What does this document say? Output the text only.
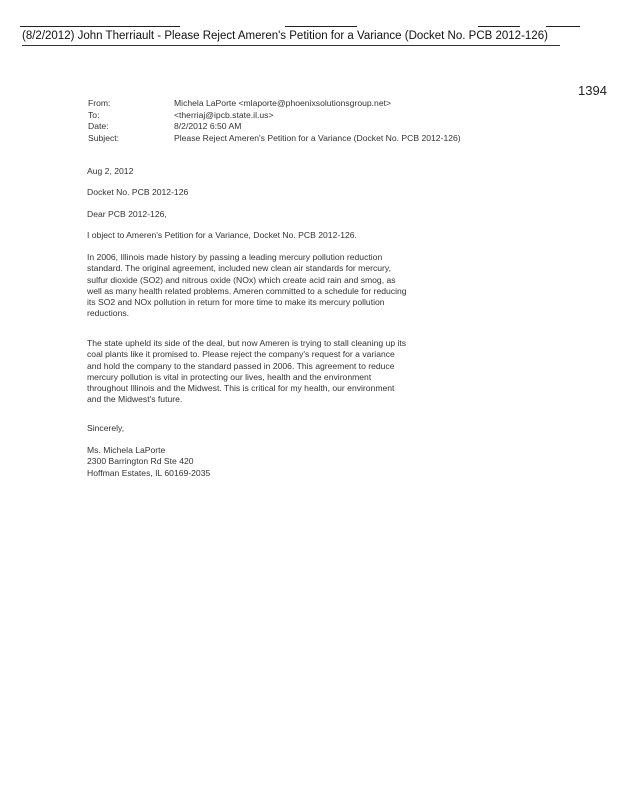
(8/2/2012) John Therriault - Please Reject Ameren's Petition for a Variance (Docket No. PCB 2012-126)
1394
From:	Michela LaPorte <mlaporte@phoenixsolutionsgroup.net>
To:	<therriaj@ipcb.state.il.us>
Date:	8/2/2012 6:50 AM
Subject:	Please Reject Ameren's Petition for a Variance (Docket No. PCB 2012-126)
Aug 2, 2012
Docket No. PCB 2012-126
Dear PCB 2012-126,
I object to Ameren's Petition for a Variance, Docket No. PCB 2012-126.
In 2006, Illinois made history by passing a leading mercury pollution reduction standard. The original agreement, included new clean air standards for mercury, sulfur dioxide (SO2) and nitrous oxide (NOx) which create acid rain and smog, as well as many health related problems. Ameren committed to a schedule for reducing its SO2 and NOx pollution in return for more time to make its mercury pollution reductions.
The state upheld its side of the deal, but now Ameren is trying to stall cleaning up its coal plants like it promised to. Please reject the company's request for a variance and hold the company to the standard passed in 2006. This agreement to reduce mercury pollution is vital in protecting our lives, health and the environment throughout Illinois and the Midwest. This is critical for my health, our environment and the Midwest's future.
Sincerely,

Ms. Michela LaPorte

2300 Barrington Rd Ste 420

Hoffman Estates, IL 60169-2035
